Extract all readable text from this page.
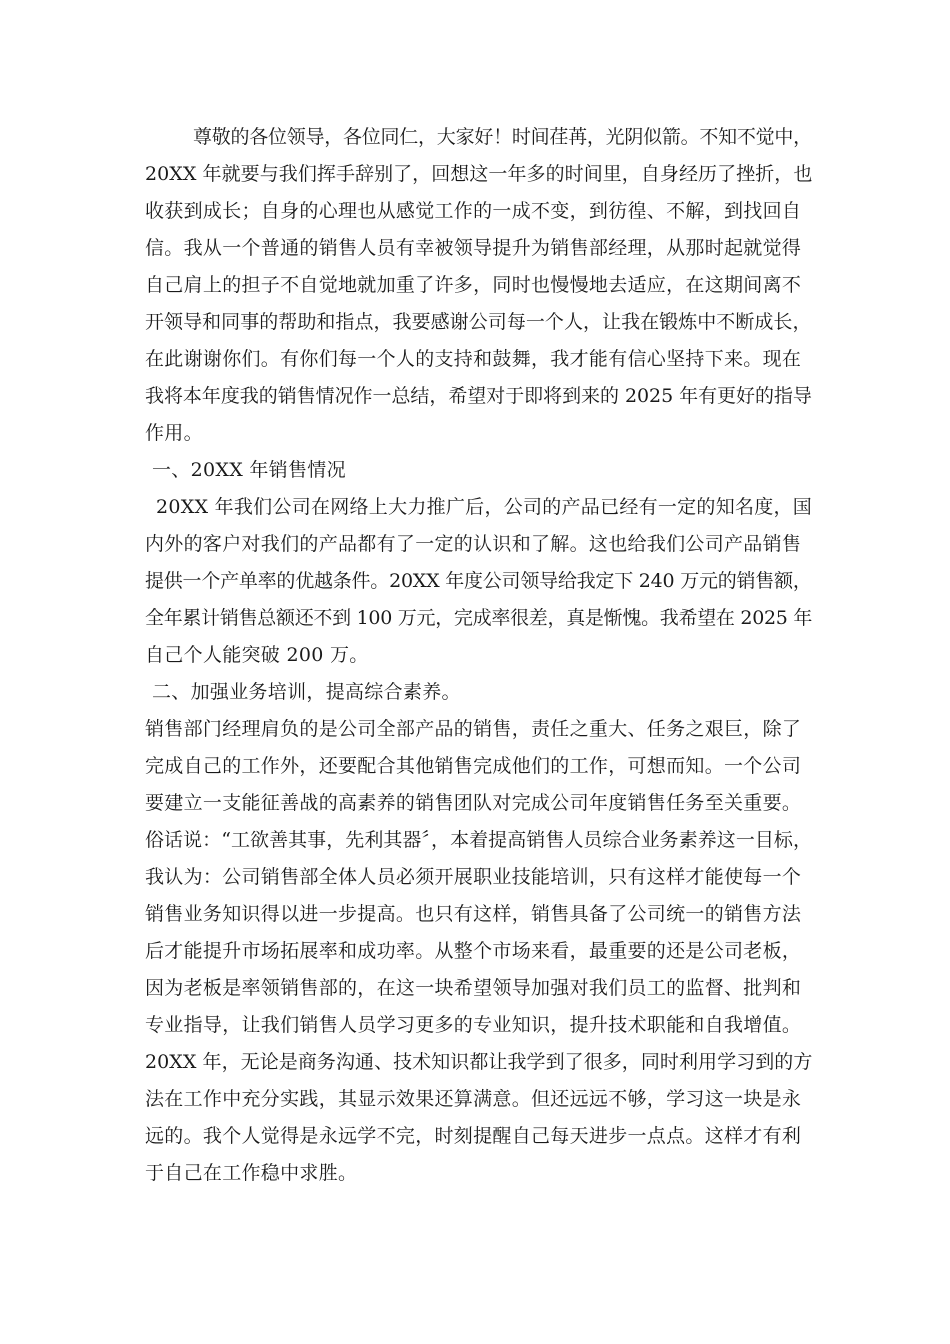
尊敬的各位领导，各位同仁，大家好！时间荏苒，光阴似箭。不知不觉中，
20XX 年就要与我们挥手辞别了，回想这一年多的时间里，自身经历了挫折，也
收获到成长；自身的心理也从感觉工作的一成不变，到彷徨、不解，到找回自
信。我从一个普通的销售人员有幸被领导提升为销售部经理，从那时起就觉得
自己肩上的担子不自觉地就加重了许多，同时也慢慢地去适应，在这期间离不
开领导和同事的帮助和指点，我要感谢公司每一个人，让我在锻炼中不断成长，
在此谢谢你们。有你们每一个人的支持和鼓舞，我才能有信心坚持下来。现在
我将本年度我的销售情况作一总结，希望对于即将到来的 2025 年有更好的指导
作用。
一、20XX 年销售情况
20XX 年我们公司在网络上大力推广后，公司的产品已经有一定的知名度，国
内外的客户对我们的产品都有了一定的认识和了解。这也给我们公司产品销售
提供一个产单率的优越条件。20XX 年度公司领导给我定下 240 万元的销售额，
全年累计销售总额还不到 100 万元，完成率很差，真是惭愧。我希望在 2025 年
自己个人能突破 200 万。
二、加强业务培训，提高综合素养。
销售部门经理肩负的是公司全部产品的销售，责任之重大、任务之艰巨，除了
完成自己的工作外，还要配合其他销售完成他们的工作，可想而知。一个公司
要建立一支能征善战的高素养的销售团队对完成公司年度销售任务至关重要。
俗话说：“工欲善其事，先利其器〞，本着提高销售人员综合业务素养这一目标，
我认为：公司销售部全体人员必须开展职业技能培训，只有这样才能使每一个
销售业务知识得以进一步提高。也只有这样，销售具备了公司统一的销售方法
后才能提升市场拓展率和成功率。从整个市场来看，最重要的还是公司老板，
因为老板是率领销售部的，在这一块希望领导加强对我们员工的监督、批判和
专业指导，让我们销售人员学习更多的专业知识，提升技术职能和自我增值。
20XX 年，无论是商务沟通、技术知识都让我学到了很多，同时利用学习到的方
法在工作中充分实践，其显示效果还算满意。但还远远不够，学习这一块是永
远的。我个人觉得是永远学不完，时刻提醒自己每天进步一点点。这样才有利
于自己在工作稳中求胜。
